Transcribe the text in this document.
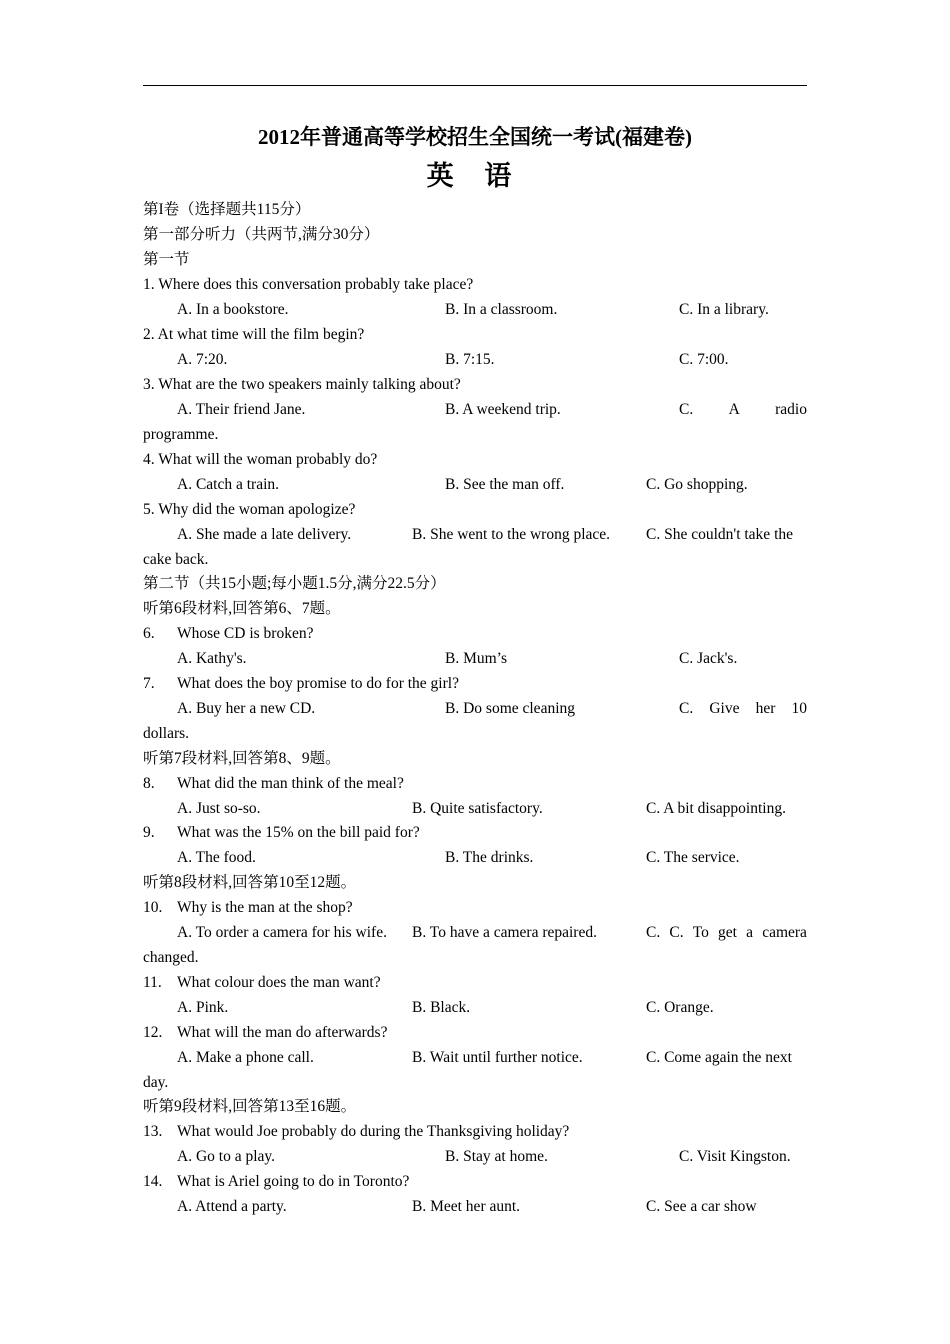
2012年普通高等学校招生全国统一考试(福建卷)
英 语
第I卷（选择题共115分）
第一部分听力（共两节,满分30分）
第一节
1. Where does this conversation probably take place?
A. In a bookstore.	B. In a classroom.	C. In a library.
2. At what time will the film begin?
A. 7:20.	B. 7:15.	C. 7:00.
3. What are the two speakers mainly talking about?
A. Their friend Jane.	B. A weekend trip.	C. A radio
programme.
4. What will the woman probably do?
A. Catch a train.	B. See the man off.	C. Go shopping.
5. Why did the woman apologize?
A. She made a late delivery.	B. She went to the wrong place. C. She couldn't take the
cake back.
第二节（共15小题;每小题1.5分,满分22.5分）
听第6段材料,回答第6、7题。
6. Whose CD is broken?
A. Kathy's.	B. Mum’s	C. Jack's.
7. What does the boy promise to do for the girl?
A. Buy her a new CD.	B. Do some cleaning	C. Give her 10
dollars.
听第7段材料,回答第8、9题。
8. What did the man think of the meal?
A. Just so-so.	B. Quite satisfactory.	C. A bit disappointing.
9. What was the 15% on the bill paid for?
A. The food.	B. The drinks.	C. The service.
听第8段材料,回答第10至12题。
10. Why is the man at the shop?
A. To order a camera for his wife. B. To have a camera repaired.	C. C. To get a camera
changed.
11. What colour does the man want?
A. Pink.	B. Black.	C. Orange.
12. What will the man do afterwards?
A. Make a phone call.	B. Wait until further notice.	C. Come again the next
day.
听第9段材料,回答第13至16题。
13. What would Joe probably do during the Thanksgiving holiday?
A. Go to a play.	B. Stay at home.	C. Visit Kingston.
14. What is Ariel going to do in Toronto?
A. Attend a party.	B. Meet her aunt.	C. See a car show
